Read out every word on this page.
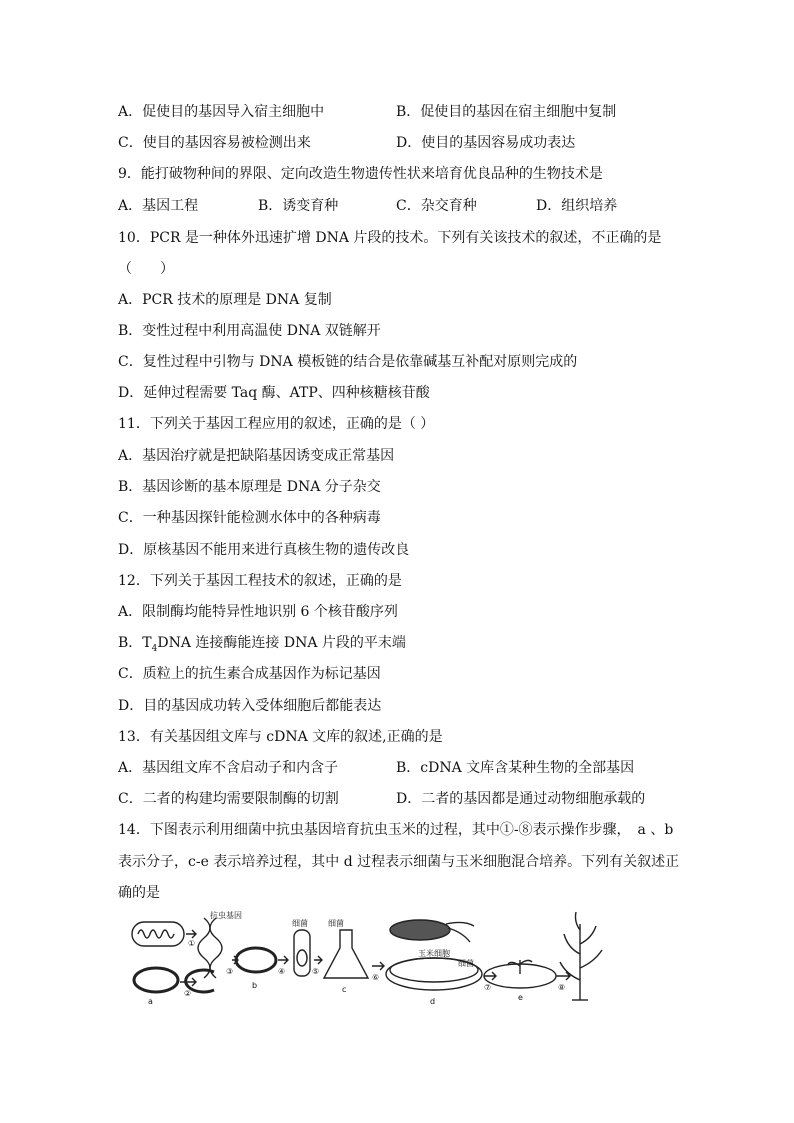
A．促使目的基因导入宿主细胞中	B．促使目的基因在宿主细胞中复制
C．使目的基因容易被检测出来	D．使目的基因容易成功表达
9．能打破物种间的界限、定向改造生物遗传性状来培育优良品种的生物技术是
A．基因工程	B．诱变育种	C．杂交育种	D．组织培养
10．PCR 是一种体外迅速扩增 DNA 片段的技术。下列有关该技术的叙述，不正确的是
（　　）
A．PCR 技术的原理是 DNA 复制
B．变性过程中利用高温使 DNA 双链解开
C．复性过程中引物与 DNA 模板链的结合是依靠碱基互补配对原则完成的
D．延伸过程需要 Taq 酶、ATP、四种核糖核苷酸
11．下列关于基因工程应用的叙述，正确的是（ ）
A．基因治疗就是把缺陷基因诱变成正常基因
B．基因诊断的基本原理是 DNA 分子杂交
C．一种基因探针能检测水体中的各种病毒
D．原核基因不能用来进行真核生物的遗传改良
12．下列关于基因工程技术的叙述，正确的是
A．限制酶均能特异性地识别 6 个核苷酸序列
B．$T_4DNA$ 连接酶能连接 DNA 片段的平末端
C．质粒上的抗生素合成基因作为标记基因
D．目的基因成功转入受体细胞后都能表达
13．有关基因组文库与 cDNA 文库的叙述,正确的是
A．基因组文库不含启动子和内含子	B．cDNA 文库含某种生物的全部基因
C．二者的构建均需要限制酶的切割	D．二者的基因都是通过动物细胞承载的
14．下图表示利用细菌中抗虫基因培育抗虫玉米的过程，其中①-⑧表示操作步骤，　a 、b
表示分子，c-e 表示培养过程，其中 d 过程表示细菌与玉米细胞混合培养。下列有关叙述正
确的是
抗虫基因
细菌	细菌
玉米细胞
细菌
①
②
③	④	⑤
⑥
⑦	⑧
a
b	c
d	e
